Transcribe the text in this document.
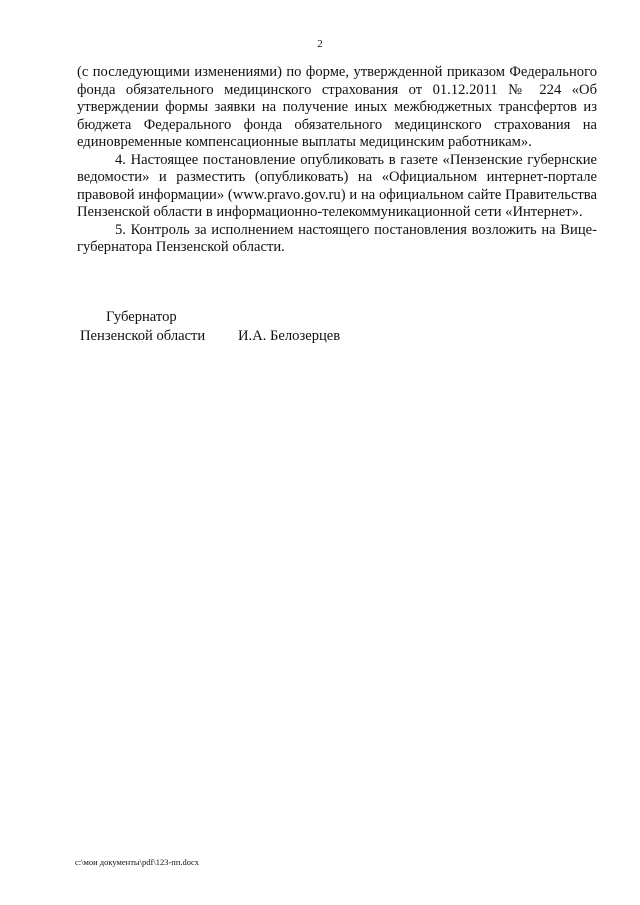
2

(с последующими изменениями) по форме, утвержденной приказом Федерального фонда обязательного медицинского страхования от 01.12.2011 № 224 «Об утверждении формы заявки на получение иных межбюджетных трансфертов из бюджета Федерального фонда обязательного медицинского страхования на единовременные компенсационные выплаты медицинским работникам».

4. Настоящее постановление опубликовать в газете «Пензенские губернские ведомости» и разместить (опубликовать) на «Официальном интернет-портале правовой информации» (www.pravo.gov.ru) и на официальном сайте Правительства Пензенской области в информационно-телекоммуникационной сети «Интернет».

5. Контроль за исполнением настоящего постановления возложить на Вице-губернатора Пензенской области.

Губернатор
Пензенской области И.А. Белозерцев
c:\мои документы\pdf\123-пп.docx
